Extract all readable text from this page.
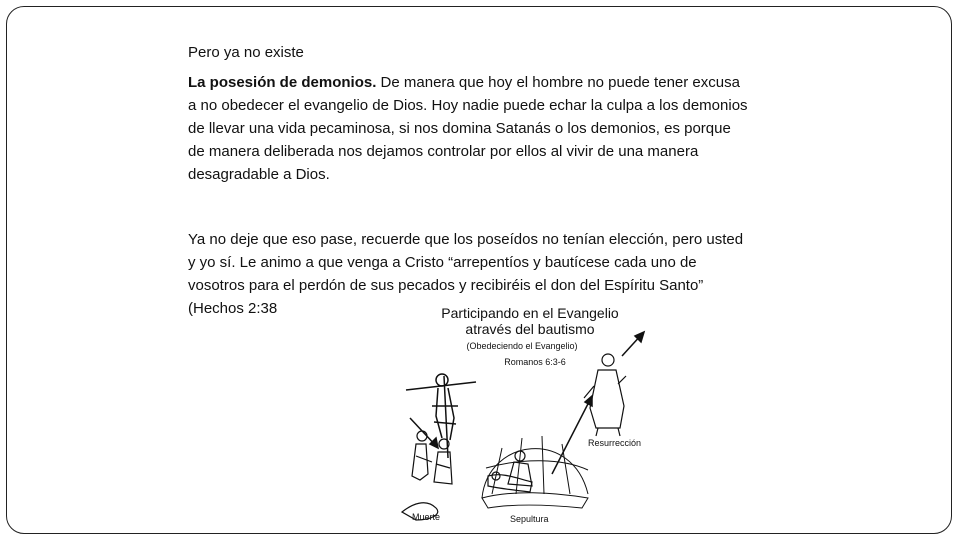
Pero ya no existe
La posesión de demonios. De manera que hoy el hombre no puede tener excusa a no obedecer el evangelio de Dios. Hoy nadie puede echar la culpa a los demonios de llevar una vida pecaminosa, si nos domina Satanás o los demonios, es porque de manera deliberada nos dejamos controlar por ellos al vivir de una manera desagradable a Dios.
Ya no deje que eso pase, recuerde que los poseídos no tenían elección, pero usted y yo sí. Le animo a que venga a Cristo “arrepentíos y bautícese cada uno de vosotros para el perdón de sus pecados y recibiréis el don del Espíritu Santo” (Hechos 2:38	Participando en el Evangelio
através del bautismo
(Obedeciendo el Evangelio)
Romanos 6:3-6
Resurrección
Muerte	Sepultura
